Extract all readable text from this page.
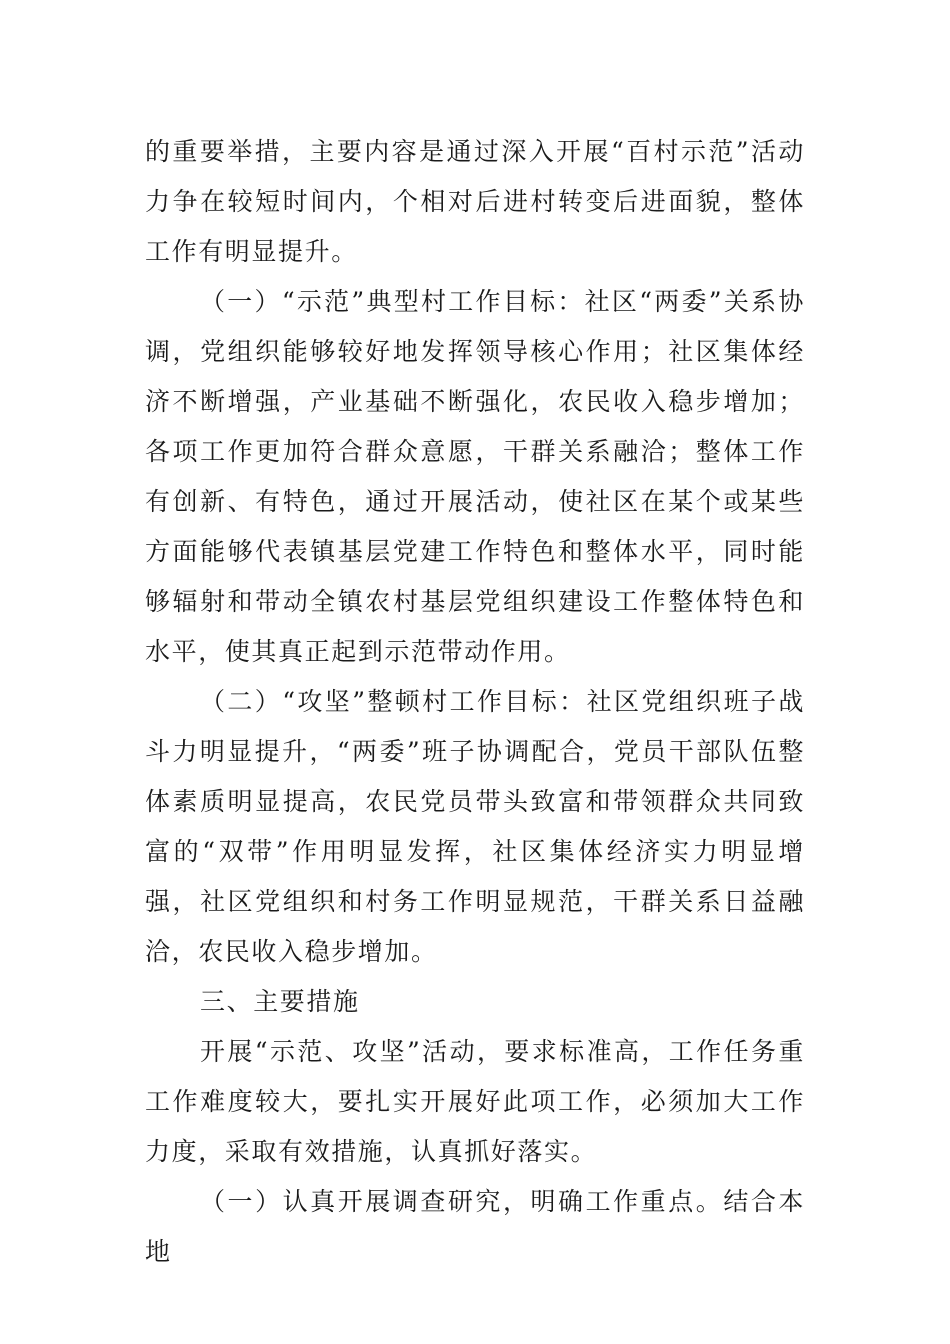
的重要举措，主要内容是通过深入开展“百村示范”活动力争在较短时间内，个相对后进村转变后进面貌，整体工作有明显提升。

（一）“示范”典型村工作目标：社区“两委”关系协调，党组织能够较好地发挥领导核心作用；社区集体经济不断增强，产业基础不断强化，农民收入稳步增加；各项工作更加符合群众意愿，干群关系融洽；整体工作有创新、有特色，通过开展活动，使社区在某个或某些方面能够代表镇基层党建工作特色和整体水平，同时能够辐射和带动全镇农村基层党组织建设工作整体特色和水平，使其真正起到示范带动作用。

（二）“攻坚”整顿村工作目标：社区党组织班子战斗力明显提升，“两委”班子协调配合，党员干部队伍整体素质明显提高，农民党员带头致富和带领群众共同致富的“双带”作用明显发挥，社区集体经济实力明显增强，社区党组织和村务工作明显规范，干群关系日益融洽，农民收入稳步增加。

三、主要措施

开展“示范、攻坚”活动，要求标准高，工作任务重工作难度较大，要扎实开展好此项工作，必须加大工作力度，采取有效措施，认真抓好落实。

（一）认真开展调查研究，明确工作重点。结合本地
